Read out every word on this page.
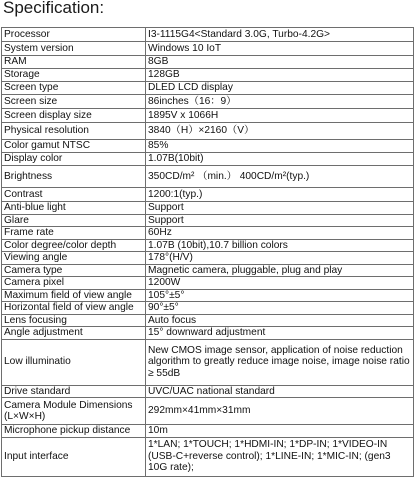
Specification:
Processor	I3-1115G4<Standard 3.0G, Turbo-4.2G>
System version	Windows 10 IoT
RAM	8GB
Storage	128GB
Screen type	DLED LCD display
Screen size	86inches（16：9）
Screen display size	1895V x 1066H
Physical resolution	3840（H）×2160（V）
Color gamut NTSC	85%
Display color	1.07B(10bit)
Brightness	350CD/m² （min.） 400CD/m²(typ.)
Contrast	1200:1(typ.)
Anti-blue light	Support
Glare	Support
Frame rate	60Hz
Color degree/color depth	1.07B (10bit),10.7 billion colors
Viewing angle	178°(H/V)
Camera type	Magnetic camera, pluggable, plug and play
Camera pixel	1200W
Maximum field of view angle	105°±5°
Horizontal field of view angle	90°±5°
Lens focusing	Auto focus
Angle adjustment	15° downward adjustment
Low illuminatio	New CMOS image sensor, application of noise reduction algorithm to greatly reduce image noise, image noise ratio ≥ 55dB
Drive standard	UVC/UAC national standard
Camera Module Dimensions (L×W×H)	292mm×41mm×31mm
Microphone pickup distance	10m
Input interface	1*LAN; 1*TOUCH; 1*HDMI-IN; 1*DP-IN; 1*VIDEO-IN (USB-C+reverse control); 1*LINE-IN; 1*MIC-IN; (gen3 10G rate);
